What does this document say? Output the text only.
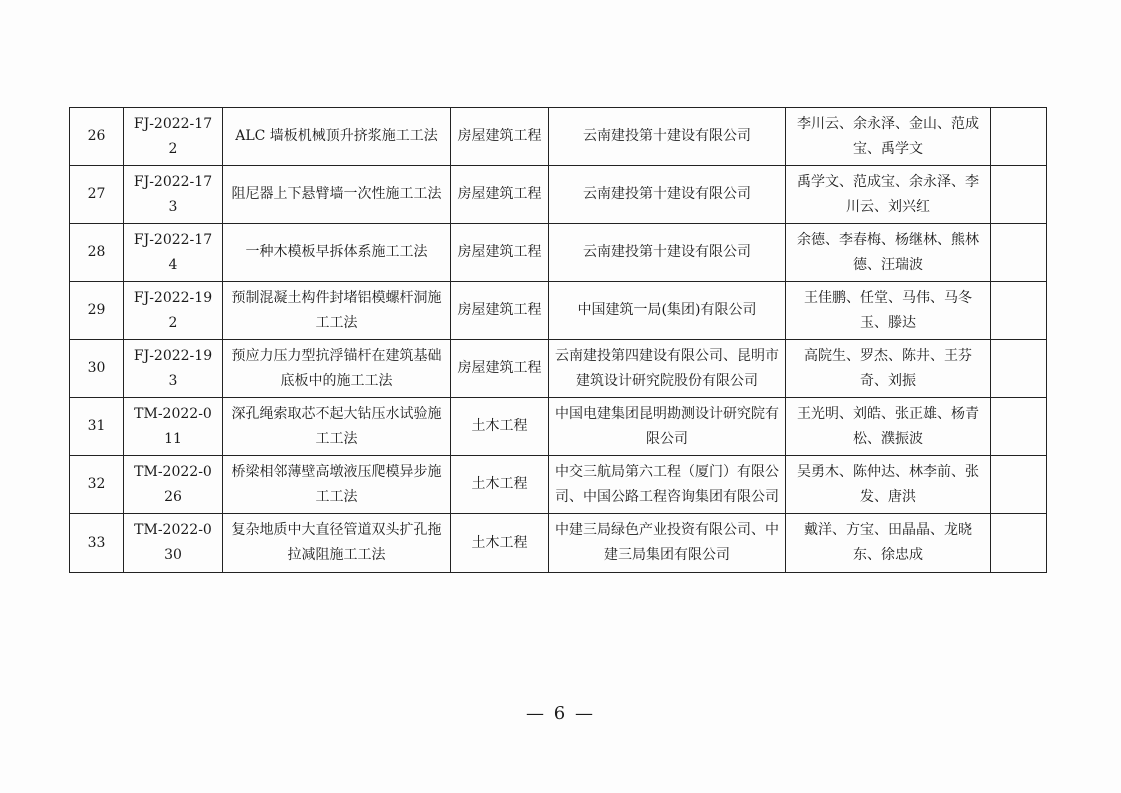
26	FJ-2022-172	ALC 墙板机械顶升挤浆施工工法	房屋建筑工程	云南建投第十建设有限公司	李川云、余永泽、金山、范成宝、禹学文	
27	FJ-2022-173	阻尼器上下悬臂墙一次性施工工法	房屋建筑工程	云南建投第十建设有限公司	禹学文、范成宝、余永泽、李川云、刘兴红	
28	FJ-2022-174	一种木模板早拆体系施工工法	房屋建筑工程	云南建投第十建设有限公司	余德、李春梅、杨继林、熊林德、汪瑞波	
29	FJ-2022-192	预制混凝土构件封堵铝模螺杆洞施工工法	房屋建筑工程	中国建筑一局(集团)有限公司	王佳鹏、任堂、马伟、马冬玉、滕达	
30	FJ-2022-193	预应力压力型抗浮锚杆在建筑基础底板中的施工工法	房屋建筑工程	云南建投第四建设有限公司、昆明市建筑设计研究院股份有限公司	高院生、罗杰、陈井、王芬奇、刘振	
31	TM-2022-011	深孔绳索取芯不起大钻压水试验施工工法	土木工程	中国电建集团昆明勘测设计研究院有限公司	王光明、刘皓、张正雄、杨青松、濮振波	
32	TM-2022-026	桥梁相邻薄壁高墩液压爬模异步施工工法	土木工程	中交三航局第六工程（厦门）有限公司、中国公路工程咨询集团有限公司	吴勇木、陈仲达、林李前、张发、唐洪	
33	TM-2022-030	复杂地质中大直径管道双头扩孔拖拉减阻施工工法	土木工程	中建三局绿色产业投资有限公司、中建三局集团有限公司	戴洋、方宝、田晶晶、龙晓东、徐忠成	
— 6 —
